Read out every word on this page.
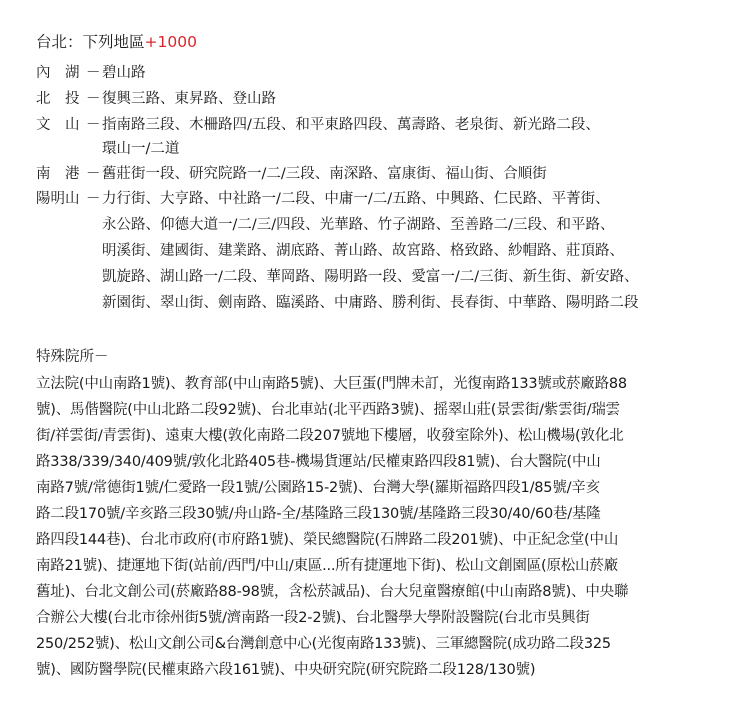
台北：下列地區+1000
內　湖 － 碧山路
北　投 － 復興三路、東昇路、登山路
文　山 － 指南路三段、木柵路四/五段、和平東路四段、萬壽路、老泉街、新光路二段、
環山一/二道
南　港 － 舊莊街一段、研究院路一/二/三段、南深路、富康街、福山街、合順街
陽明山 － 力行街、大亨路、中社路一/二段、中庸一/二/五路、中興路、仁民路、平菁街、
永公路、仰德大道一/二/三/四段、光華路、竹子湖路、至善路二/三段、和平路、
明溪街、建國街、建業路、湖底路、菁山路、故宮路、格致路、紗帽路、莊頂路、
凱旋路、湖山路一/二段、華岡路、陽明路一段、愛富一/二/三街、新生街、新安路、
新園街、翠山街、劍南路、臨溪路、中庸路、勝利街、長春街、中華路、陽明路二段
特殊院所－
立法院(中山南路1號)、教育部(中山南路5號)、大巨蛋(門牌未訂，光復南路133號或菸廠路88
號)、馬偕醫院(中山北路二段92號)、台北車站(北平西路3號)、摇翠山莊(景雲街/紫雲街/瑞雲
街/祥雲街/青雲街)、遠東大樓(敦化南路二段207號地下樓層，收發室除外)、松山機場(敦化北
路338/339/340/409號/敦化北路405巷-機場貨運站/民權東路四段81號)、台大醫院(中山
南路7號/常德街1號/仁愛路一段1號/公園路15-2號)、台灣大學(羅斯福路四段1/85號/辛亥
路二段170號/辛亥路三段30號/舟山路-全/基隆路三段130號/基隆路三段30/40/60巷/基隆
路四段144巷)、台北市政府(市府路1號)、榮民總醫院(石牌路二段201號)、中正紀念堂(中山
南路21號)、捷運地下街(站前/西門/中山/東區...所有捷運地下街)、松山文創園區(原松山菸廠
舊址)、台北文創公司(菸廠路88-98號，含松菸誠品)、台大兒童醫療館(中山南路8號)、中央聯
合辦公大樓(台北市徐州街5號/濟南路一段2-2號)、台北醫學大學附設醫院(台北市吳興街
250/252號)、松山文創公司&台灣創意中心(光復南路133號)、三軍總醫院(成功路二段325
號)、國防醫學院(民權東路六段161號)、中央研究院(研究院路二段128/130號)
